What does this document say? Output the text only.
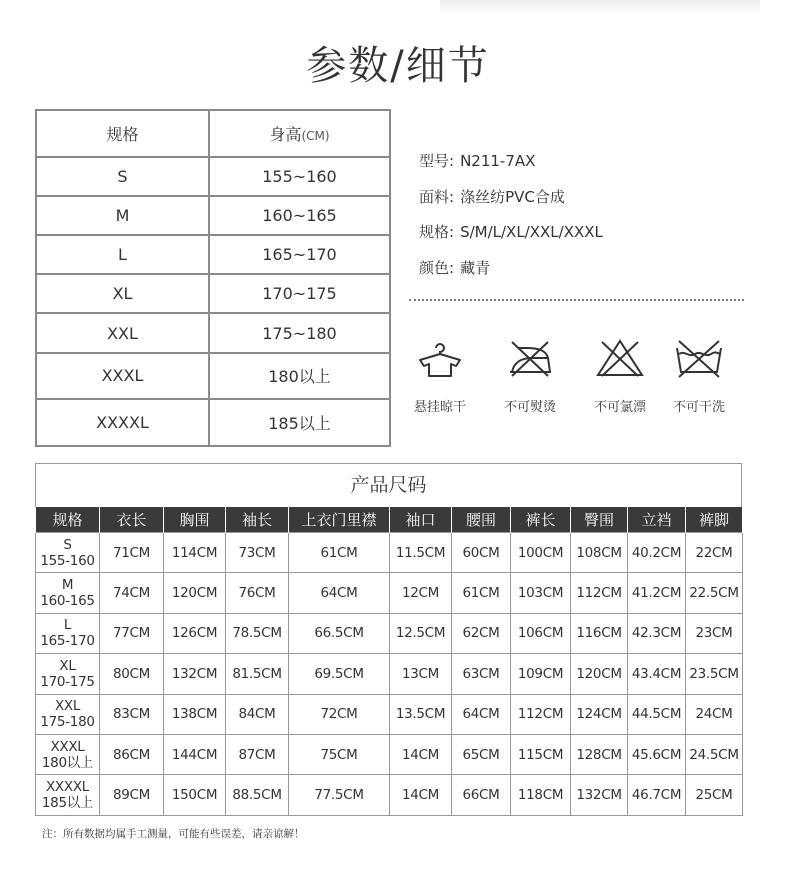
参数/细节
规格	身高(CM)
S	155~160
M	160~165
L	165~170
XL	170~175
XXL	175~180
XXXL	180以上
XXXXL	185以上
型号: N211-7AX
面料: 涤丝纺PVC合成
规格: S/M/L/XL/XXL/XXXL
颜色: 藏青
悬挂晾干	不可熨烫	不可氯漂	不可干洗
产品尺码
规格	衣长	胸围	袖长	上衣门里襟	袖口	腰围	裤长	臀围	立裆	裤脚

S
155-160	71CM	114CM	73CM	61CM	11.5CM	60CM	100CM	108CM	40.2CM	22CM

M
160-165	74CM	120CM	76CM	64CM	12CM	61CM	103CM	112CM	41.2CM	22.5CM

L
165-170	77CM	126CM	78.5CM	66.5CM	12.5CM	62CM	106CM	116CM	42.3CM	23CM

XL
170-175	80CM	132CM	81.5CM	69.5CM	13CM	63CM	109CM	120CM	43.4CM	23.5CM

XXL
175-180	83CM	138CM	84CM	72CM	13.5CM	64CM	112CM	124CM	44.5CM	24CM

XXXL
180以上	86CM	144CM	87CM	75CM	14CM	65CM	115CM	128CM	45.6CM	24.5CM

XXXXL
185以上	89CM	150CM	88.5CM	77.5CM	14CM	66CM	118CM	132CM	46.7CM	25CM
注：所有数据均属手工测量，可能有些误差，请亲谅解！
